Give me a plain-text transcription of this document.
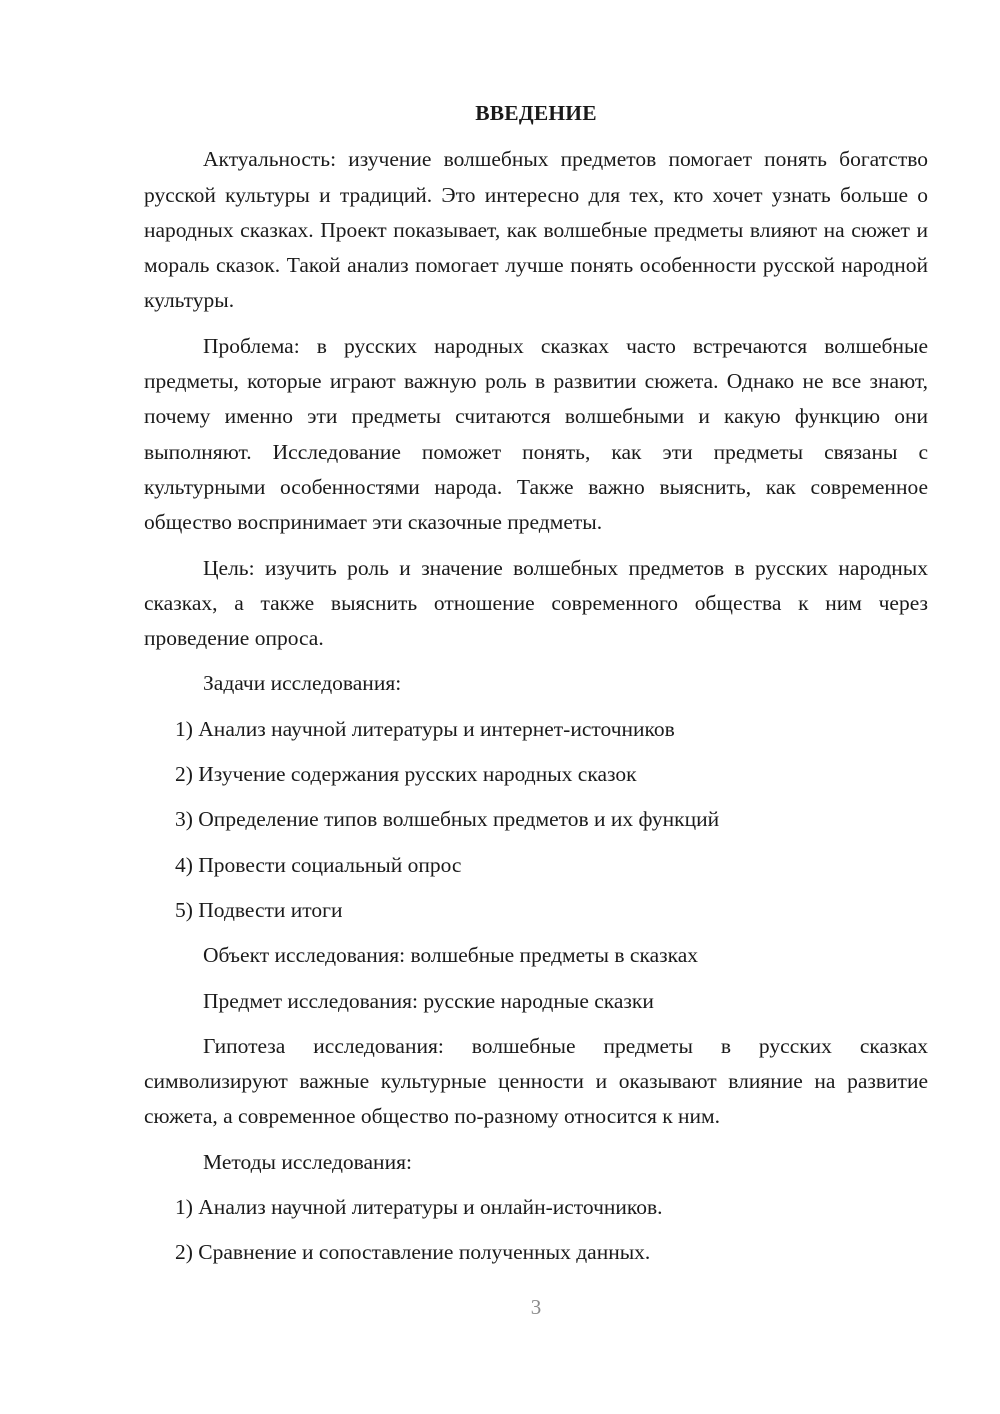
ВВЕДЕНИЕ

Актуальность: изучение волшебных предметов помогает понять богатство русской культуры и традиций. Это интересно для тех, кто хочет узнать больше о народных сказках. Проект показывает, как волшебные предметы влияют на сюжет и мораль сказок. Такой анализ помогает лучше понять особенности русской народной культуры.

Проблема: в русских народных сказках часто встречаются волшебные предметы, которые играют важную роль в развитии сюжета. Однако не все знают, почему именно эти предметы считаются волшебными и какую функцию они выполняют. Исследование поможет понять, как эти предметы связаны с культурными особенностями народа. Также важно выяснить, как современное общество воспринимает эти сказочные предметы.

Цель: изучить роль и значение волшебных предметов в русских народных сказках, а также выяснить отношение современного общества к ним через проведение опроса.

Задачи исследования:

1) Анализ научной литературы и интернет-источников
2) Изучение содержания русских народных сказок
3) Определение типов волшебных предметов и их функций
4) Провести социальный опрос
5) Подвести итоги

Объект исследования: волшебные предметы в сказках

Предмет исследования: русские народные сказки

Гипотеза исследования: волшебные предметы в русских сказках символизируют важные культурные ценности и оказывают влияние на развитие сюжета, а современное общество по-разному относится к ним.

Методы исследования:

1) Анализ научной литературы и онлайн-источников.
2) Сравнение и сопоставление полученных данных.
3
